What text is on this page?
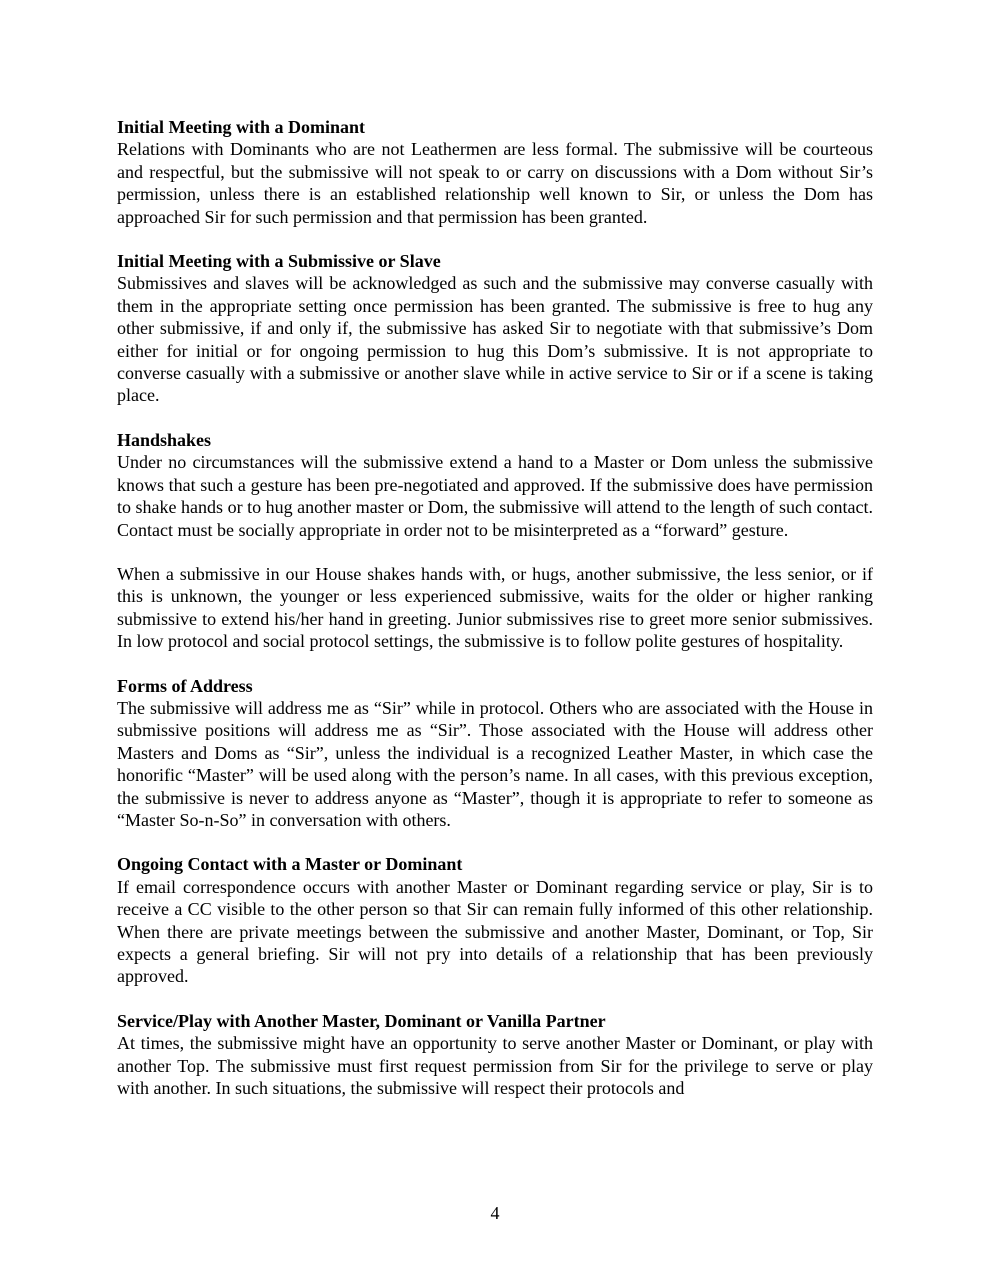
Initial Meeting with a Dominant

Relations with Dominants who are not Leathermen are less formal. The submissive will be courteous and respectful, but the submissive will not speak to or carry on discussions with a Dom without Sir’s permission, unless there is an established relationship well known to Sir, or unless the Dom has approached Sir for such permission and that permission has been granted.

Initial Meeting with a Submissive or Slave

Submissives and slaves will be acknowledged as such and the submissive may converse casually with them in the appropriate setting once permission has been granted. The submissive is free to hug any other submissive, if and only if, the submissive has asked Sir to negotiate with that submissive’s Dom either for initial or for ongoing permission to hug this Dom’s submissive. It is not appropriate to converse casually with a submissive or another slave while in active service to Sir or if a scene is taking place.

Handshakes

Under no circumstances will the submissive extend a hand to a Master or Dom unless the submissive knows that such a gesture has been pre-negotiated and approved. If the submissive does have permission to shake hands or to hug another master or Dom, the submissive will attend to the length of such contact. Contact must be socially appropriate in order not to be misinterpreted as a “forward” gesture.

When a submissive in our House shakes hands with, or hugs, another submissive, the less senior, or if this is unknown, the younger or less experienced submissive, waits for the older or higher ranking submissive to extend his/her hand in greeting. Junior submissives rise to greet more senior submissives. In low protocol and social protocol settings, the submissive is to follow polite gestures of hospitality.

Forms of Address

The submissive will address me as “Sir” while in protocol. Others who are associated with the House in submissive positions will address me as “Sir”. Those associated with the House will address other Masters and Doms as “Sir”, unless the individual is a recognized Leather Master, in which case the honorific “Master” will be used along with the person’s name. In all cases, with this previous exception, the submissive is never to address anyone as “Master”, though it is appropriate to refer to someone as “Master So-n-So” in conversation with others.

Ongoing Contact with a Master or Dominant

If email correspondence occurs with another Master or Dominant regarding service or play, Sir is to receive a CC visible to the other person so that Sir can remain fully informed of this other relationship. When there are private meetings between the submissive and another Master, Dominant, or Top, Sir expects a general briefing. Sir will not pry into details of a relationship that has been previously approved.

Service/Play with Another Master, Dominant or Vanilla Partner

At times, the submissive might have an opportunity to serve another Master or Dominant, or play with another Top. The submissive must first request permission from Sir for the privilege to serve or play with another. In such situations, the submissive will respect their protocols and

4
